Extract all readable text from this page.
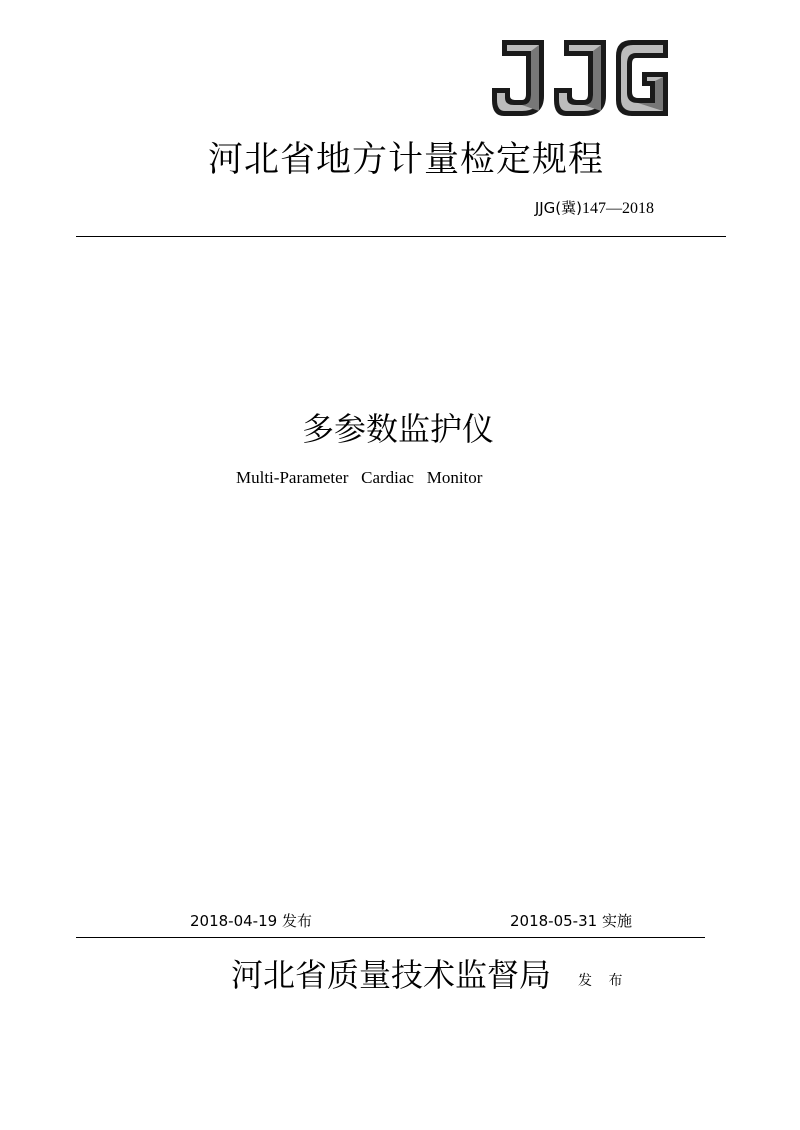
河北省地方计量检定规程
JJG(冀)147—2018
多参数监护仪
Multi-Parameter   Cardiac   Monitor
2018-04-19 发布	2018-05-31 实施
河北省质量技术监督局 发 布
